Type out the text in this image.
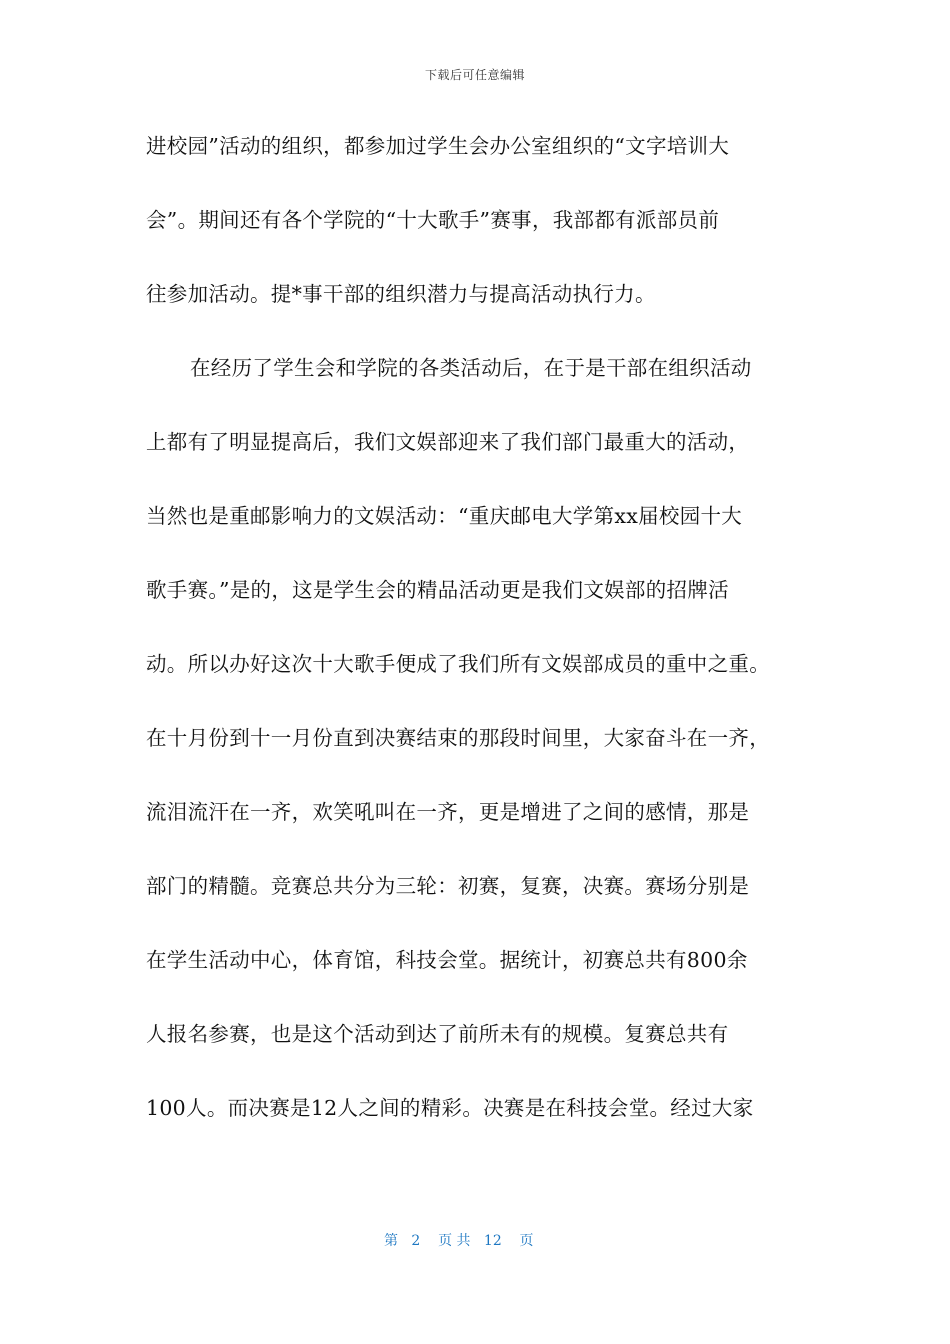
下载后可任意编辑
进校园”活动的组织，都参加过学生会办公室组织的“文字培训大
会”。期间还有各个学院的“十大歌手”赛事，我部都有派部员前
往参加活动。提*事干部的组织潜力与提高活动执行力。
在经历了学生会和学院的各类活动后，在于是干部在组织活动
上都有了明显提高后，我们文娱部迎来了我们部门最重大的活动，
当然也是重邮影响力的文娱活动：“重庆邮电大学第xx届校园十大
歌手赛。”是的，这是学生会的精品活动更是我们文娱部的招牌活
动。所以办好这次十大歌手便成了我们所有文娱部成员的重中之重。
在十月份到十一月份直到决赛结束的那段时间里，大家奋斗在一齐，
流泪流汗在一齐，欢笑吼叫在一齐，更是增进了之间的感情，那是
部门的精髓。竞赛总共分为三轮：初赛，复赛，决赛。赛场分别是
在学生活动中心，体育馆，科技会堂。据统计，初赛总共有800余
人报名参赛，也是这个活动到达了前所未有的规模。复赛总共有
100人。而决赛是12人之间的精彩。决赛是在科技会堂。经过大家
第 2 页 共 12 页
